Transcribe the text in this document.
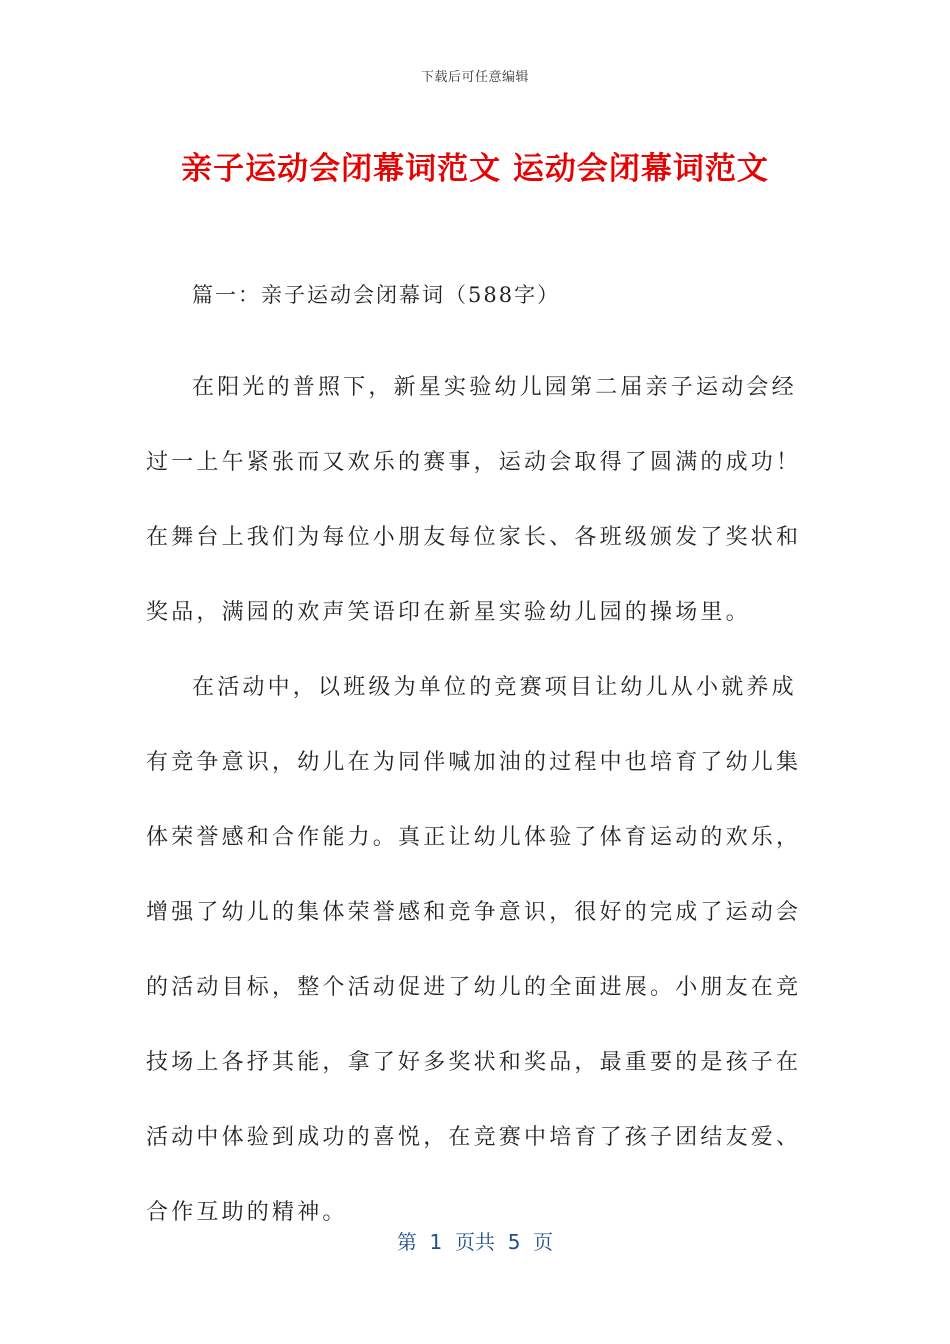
下载后可任意编辑
亲子运动会闭幕词范文 运动会闭幕词范文

篇一：亲子运动会闭幕词（588字）

在阳光的普照下，新星实验幼儿园第二届亲子运动会经过一上午紧张而又欢乐的赛事，运动会取得了圆满的成功！在舞台上我们为每位小朋友每位家长、各班级颁发了奖状和奖品，满园的欢声笑语印在新星实验幼儿园的操场里。

在活动中，以班级为单位的竞赛项目让幼儿从小就养成有竞争意识，幼儿在为同伴喊加油的过程中也培育了幼儿集体荣誉感和合作能力。真正让幼儿体验了体育运动的欢乐，增强了幼儿的集体荣誉感和竞争意识，很好的完成了运动会的活动目标，整个活动促进了幼儿的全面进展。小朋友在竞技场上各抒其能，拿了好多奖状和奖品，最重要的是孩子在活动中体验到成功的喜悦，在竞赛中培育了孩子团结友爱、合作互助的精神。

第  1  页共  5  页
